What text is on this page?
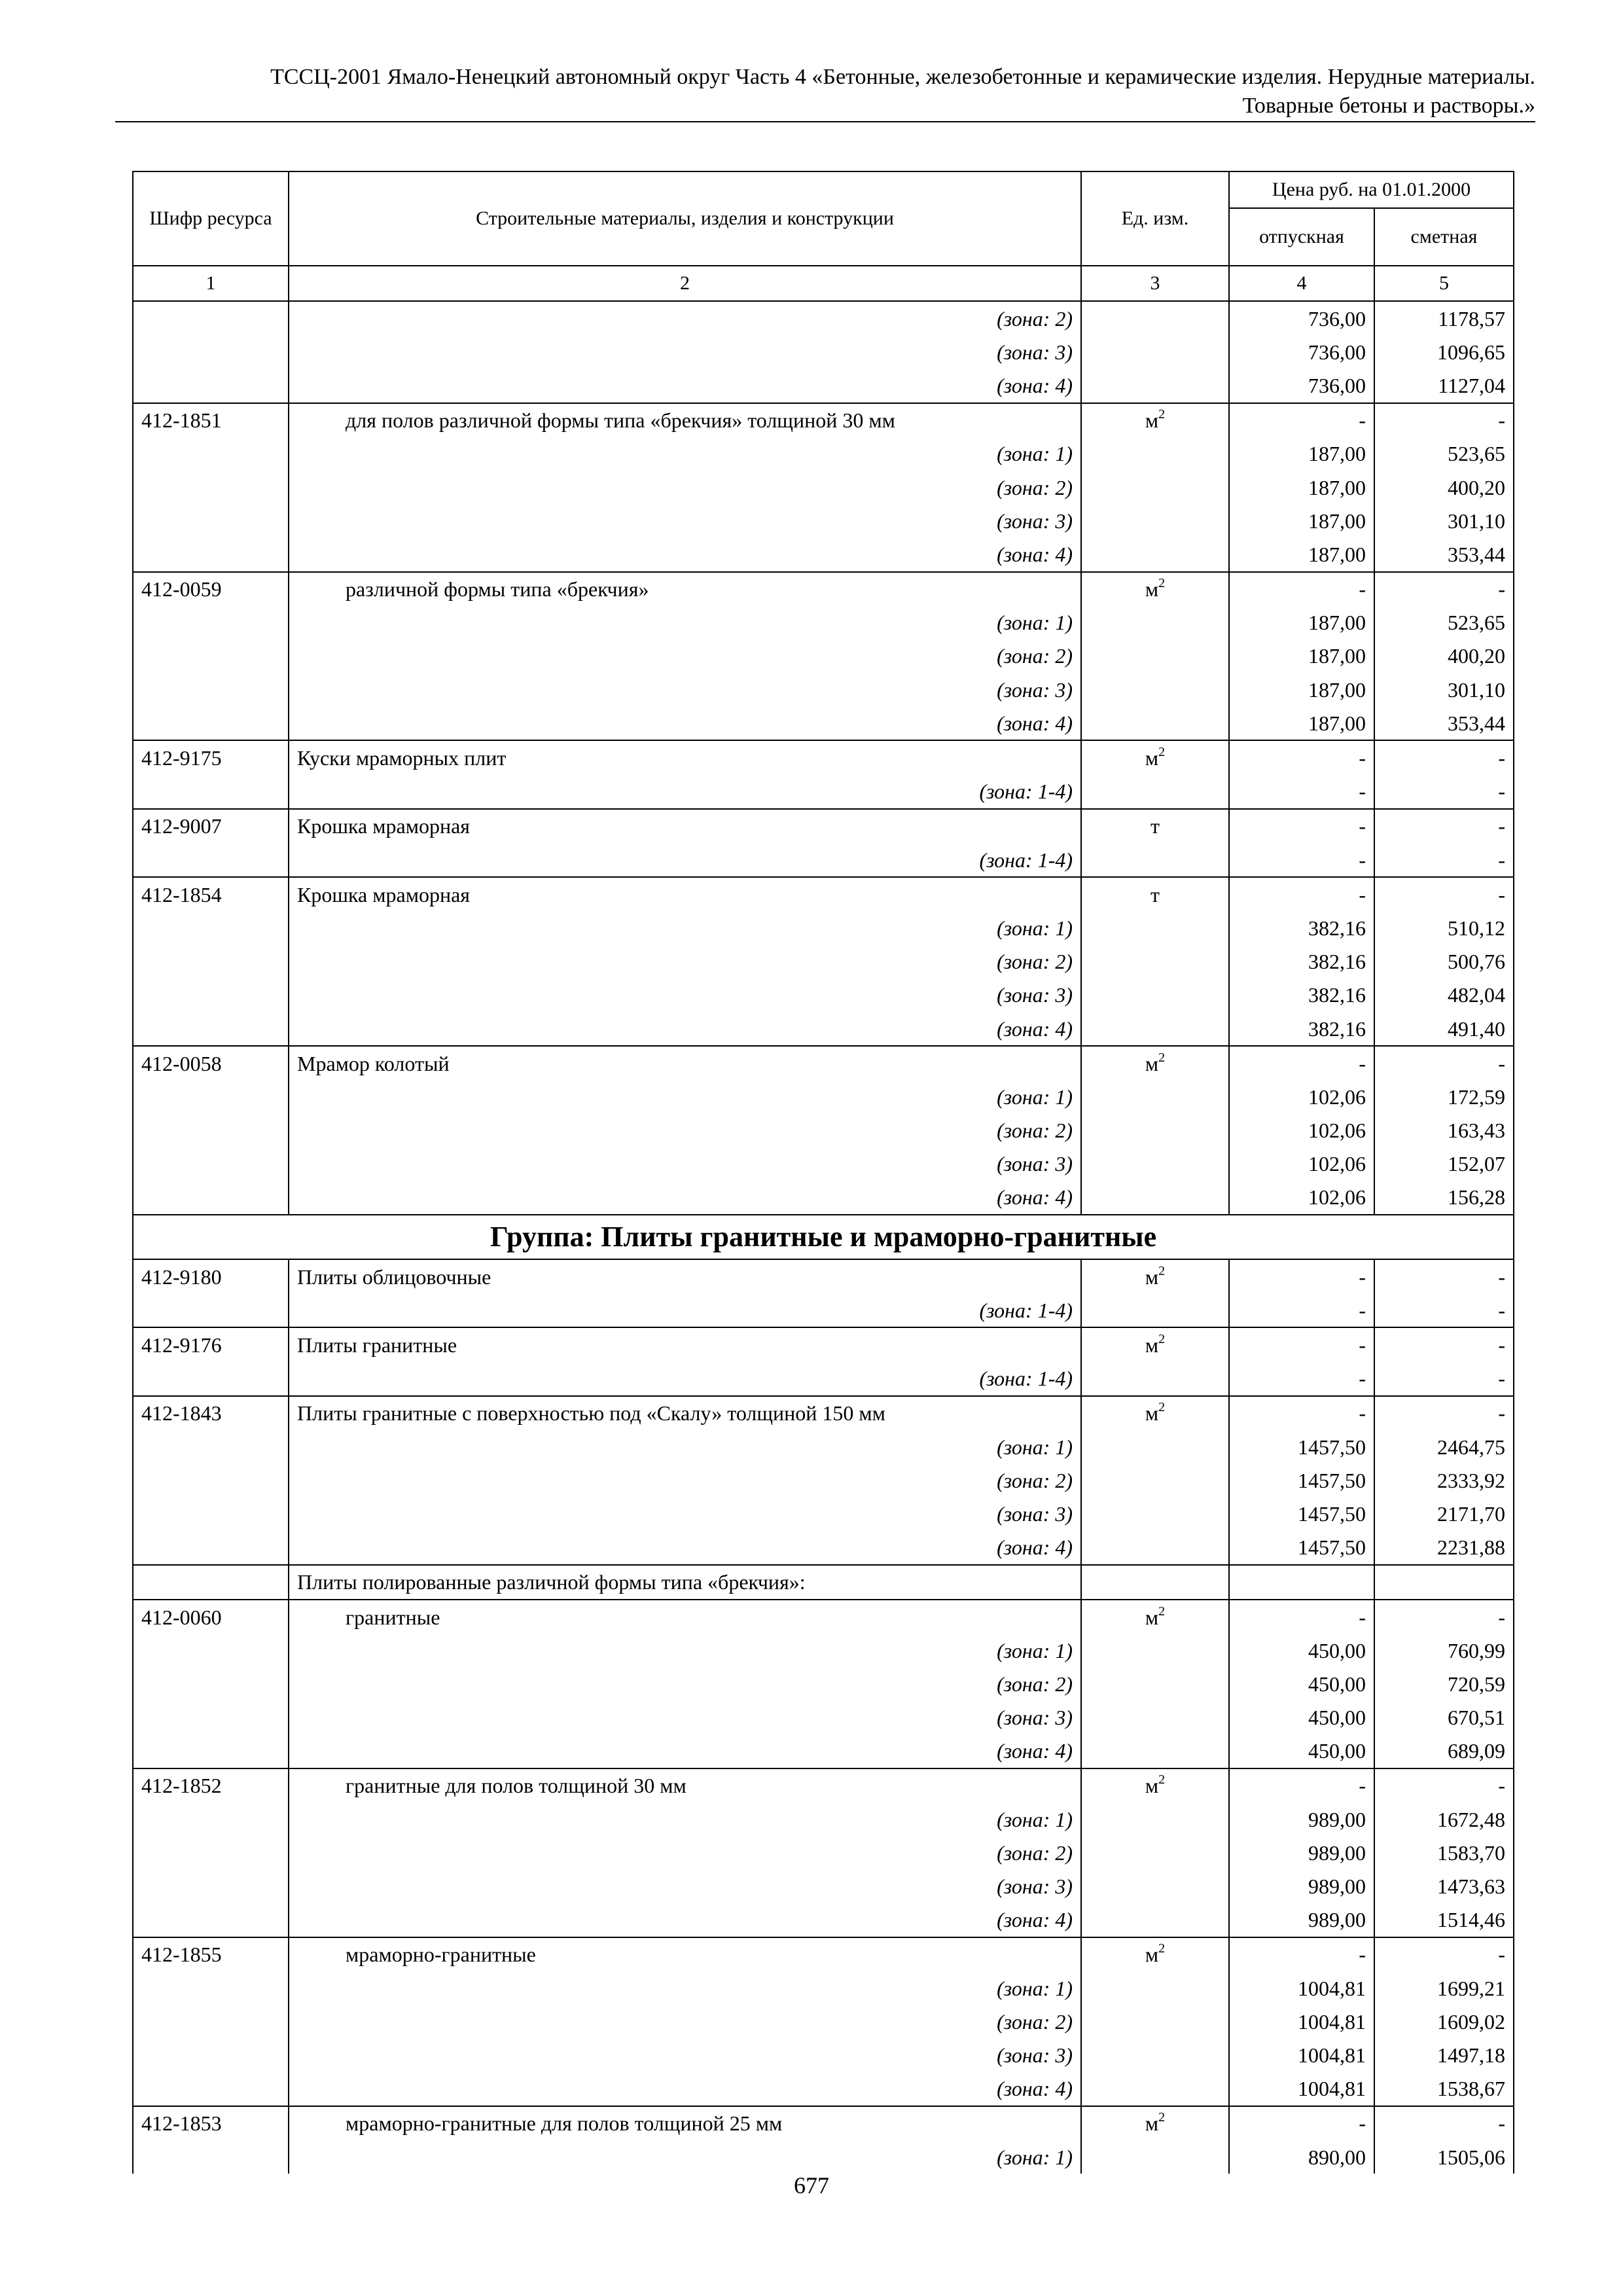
ТССЦ-2001 Ямало-Ненецкий автономный округ Часть 4 «Бетонные, железобетонные и керамические изделия. Нерудные материалы.
Товарные бетоны и растворы.»
Шифр ресурса	Строительные материалы, изделия и конструкции	Ед. изм.	Цена руб. на 01.01.2000	
			отпускная	сметная
1	2	3	4	5
	(зона: 2)		736,00	1178,57
	(зона: 3)		736,00	1096,65
	(зона: 4)		736,00	1127,04
412-1851	для полов различной формы типа «брекчия» толщиной 30 мм	$м^2$	-	-
	(зона: 1)		187,00	523,65
	(зона: 2)		187,00	400,20
	(зона: 3)		187,00	301,10
	(зона: 4)		187,00	353,44
412-0059	различной формы типа «брекчия»	$м^2$	-	-
	(зона: 1)		187,00	523,65
	(зона: 2)		187,00	400,20
	(зона: 3)		187,00	301,10
	(зона: 4)		187,00	353,44
412-9175	Куски мраморных плит	$м^2$	-	-
	(зона: 1-4)		-	-
412-9007	Крошка мраморная	т	-	-
	(зона: 1-4)		-	-
412-1854	Крошка мраморная	т	-	-
	(зона: 1)		382,16	510,12
	(зона: 2)		382,16	500,76
	(зона: 3)		382,16	482,04
	(зона: 4)		382,16	491,40
412-0058	Мрамор колотый	$м^2$	-	-
	(зона: 1)		102,06	172,59
	(зона: 2)		102,06	163,43
	(зона: 3)		102,06	152,07
	(зона: 4)		102,06	156,28
Группа: Плиты гранитные и мраморно-гранитные				
412-9180	Плиты облицовочные	$м^2$	-	-
	(зона: 1-4)		-	-
412-9176	Плиты гранитные	$м^2$	-	-
	(зона: 1-4)		-	-
412-1843	Плиты гранитные с поверхностью под «Скалу» толщиной 150 мм	$м^2$	-	-
	(зона: 1)		1457,50	2464,75
	(зона: 2)		1457,50	2333,92
	(зона: 3)		1457,50	2171,70
	(зона: 4)		1457,50	2231,88
	Плиты полированные различной формы типа «брекчия»:			
412-0060	гранитные	$м^2$	-	-
	(зона: 1)		450,00	760,99
	(зона: 2)		450,00	720,59
	(зона: 3)		450,00	670,51
	(зона: 4)		450,00	689,09
412-1852	гранитные для полов толщиной 30 мм	$м^2$	-	-
	(зона: 1)		989,00	1672,48
	(зона: 2)		989,00	1583,70
	(зона: 3)		989,00	1473,63
	(зона: 4)		989,00	1514,46
412-1855	мраморно-гранитные	$м^2$	-	-
	(зона: 1)		1004,81	1699,21
	(зона: 2)		1004,81	1609,02
	(зона: 3)		1004,81	1497,18
	(зона: 4)		1004,81	1538,67
412-1853	мраморно-гранитные для полов толщиной 25 мм	$м^2$	-	-
	(зона: 1)		890,00	1505,06
677
